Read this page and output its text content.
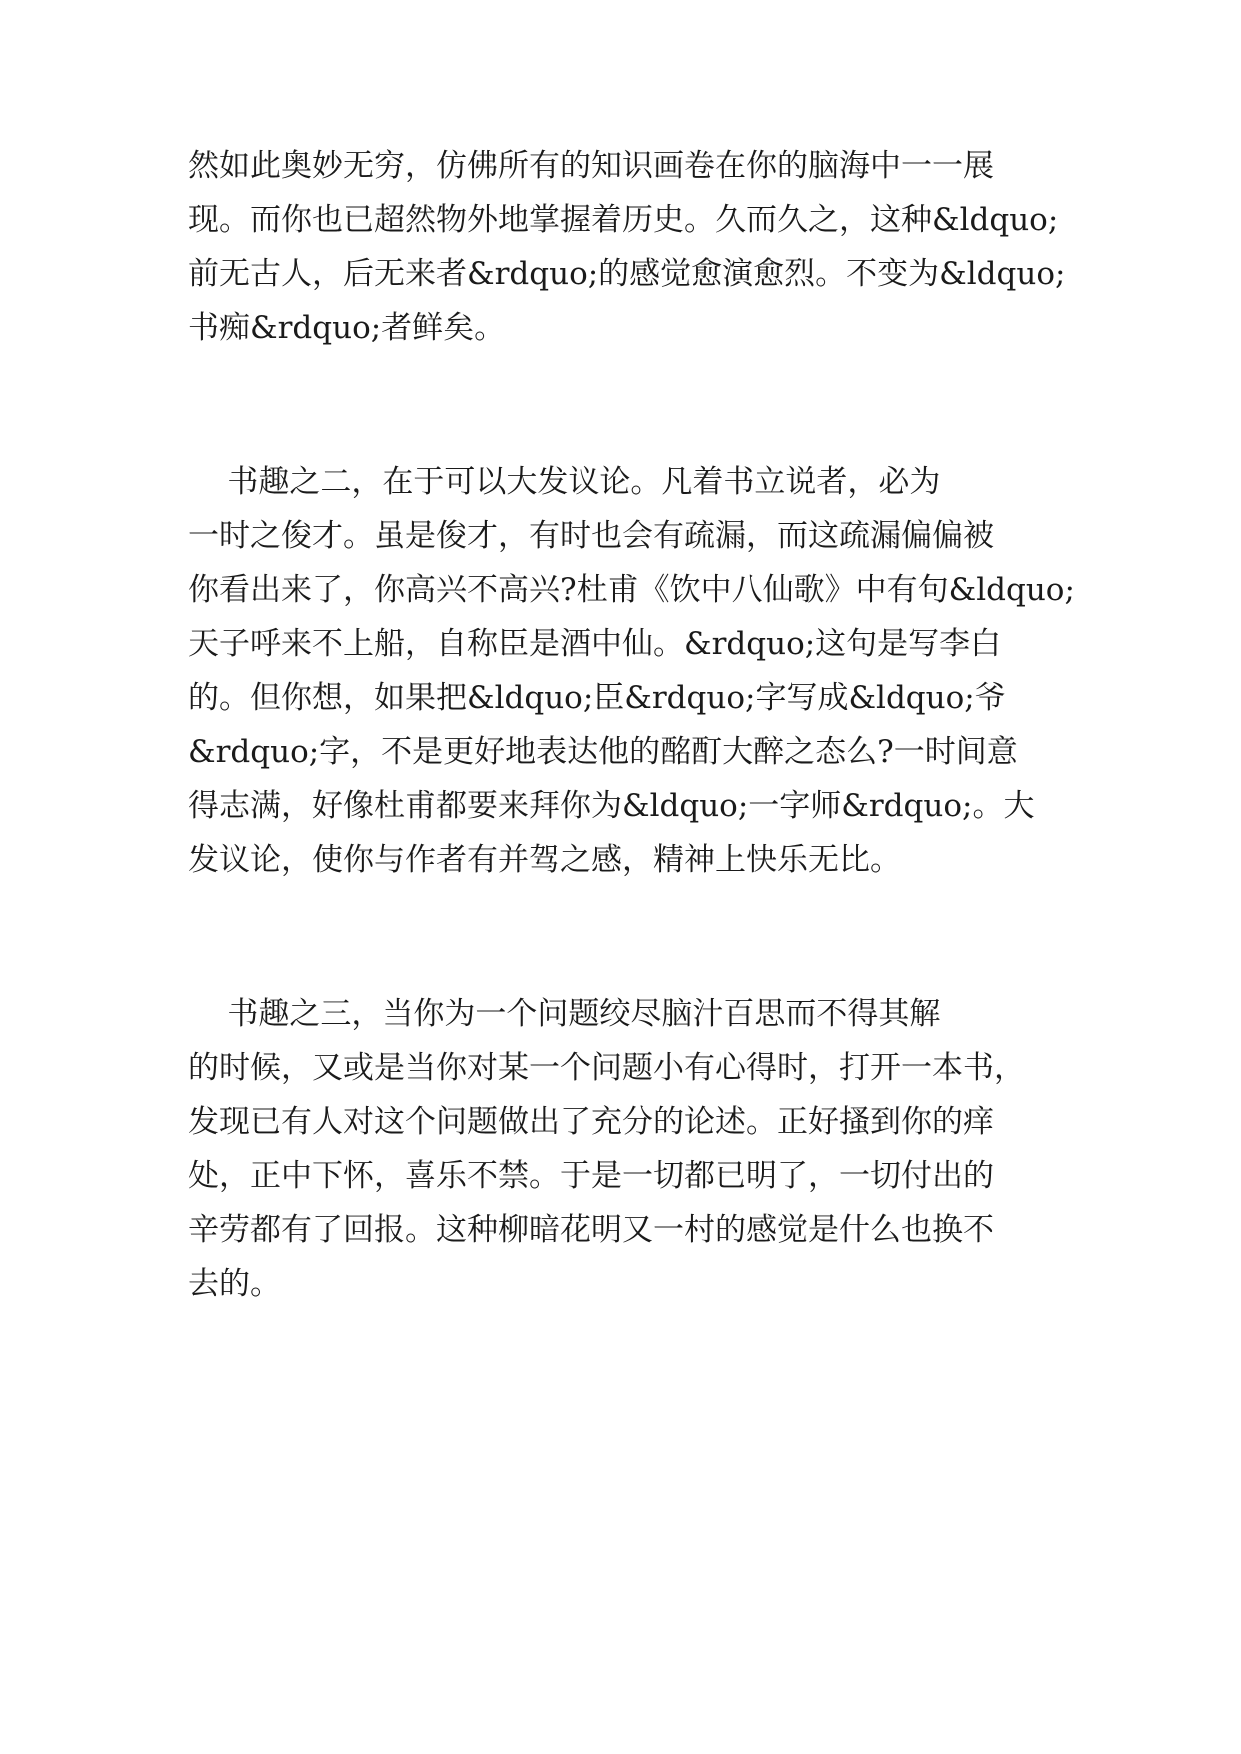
然如此奥妙无穷，仿佛所有的知识画卷在你的脑海中一一展
现。而你也已超然物外地掌握着历史。久而久之，这种&ldquo;
前无古人，后无来者&rdquo;的感觉愈演愈烈。不变为&ldquo;
书痴&rdquo;者鲜矣。
书趣之二，在于可以大发议论。凡着书立说者，必为
一时之俊才。虽是俊才，有时也会有疏漏，而这疏漏偏偏被
你看出来了，你高兴不高兴?杜甫《饮中八仙歌》中有句&ldquo;
天子呼来不上船，自称臣是酒中仙。&rdquo;这句是写李白
的。但你想，如果把&ldquo;臣&rdquo;字写成&ldquo;爷
&rdquo;字，不是更好地表达他的酩酊大醉之态么?一时间意
得志满，好像杜甫都要来拜你为&ldquo;一字师&rdquo;。大
发议论，使你与作者有并驾之感，精神上快乐无比。
书趣之三，当你为一个问题绞尽脑汁百思而不得其解
的时候，又或是当你对某一个问题小有心得时，打开一本书，
发现已有人对这个问题做出了充分的论述。正好搔到你的痒
处，正中下怀，喜乐不禁。于是一切都已明了，一切付出的
辛劳都有了回报。这种柳暗花明又一村的感觉是什么也换不
去的。
